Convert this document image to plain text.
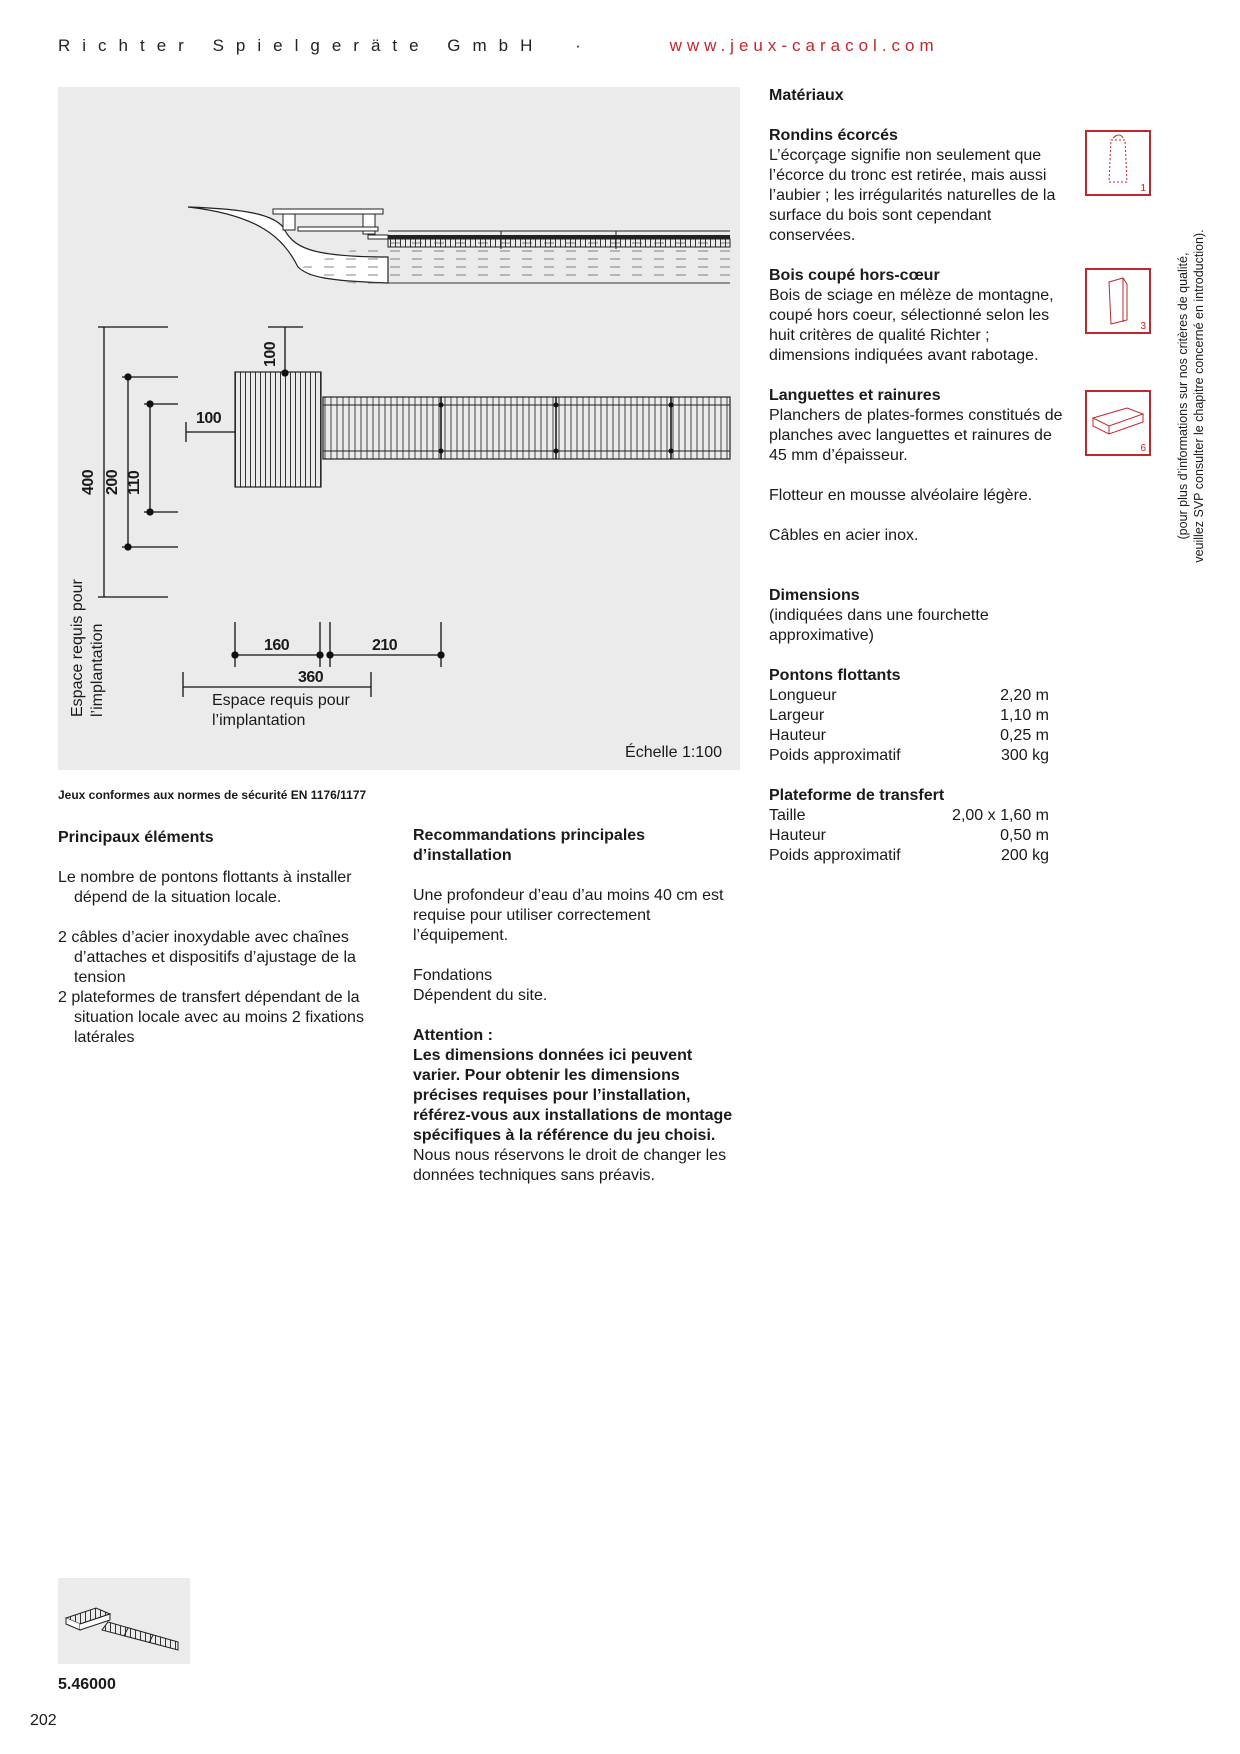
Richter Spielgeräte GmbH ·	www.jeux-caracol.com
400 200 110
100
100
160	210
360
Espace requis pour l’implantation	Espace requis pour
l’implantation
Échelle 1:100
Jeux conformes aux normes de sécurité EN 1176/1177
Principaux éléments

Le nombre de pontons flottants à installer dépend de la situation locale.

2 câbles d’acier inoxydable avec chaînes d’attaches et dispositifs d’ajustage de la tension

2 plateformes de transfert dépendant de la situation locale avec au moins 2 fixations latérales

Recommandations principales d’installation

Une profondeur d’eau d’au moins 40 cm est requise pour utiliser correctement l’équipement.

Fondations

Dépendent du site.

Attention :

Les dimensions données ici peuvent varier. Pour obtenir les dimensions précises requises pour l’installation, référez-vous aux installations de montage spécifiques à la référence du jeu choisi.

Nous nous réservons le droit de changer les données techniques sans préavis.

Matériaux

Rondins écorcés

L’écorçage signifie non seulement que l’écorce du tronc est retirée, mais aussi l’aubier ; les irrégularités naturelles de la surface du bois sont cependant conservées.

Bois coupé hors-cœur

Bois de sciage en mélèze de montagne, coupé hors coeur, sélectionné selon les huit critères de qualité Richter ; dimensions indiquées avant rabotage.

Languettes et rainures

Planchers de plates-formes constitués de planches avec languettes et rainures de 45 mm d’épaisseur.

Flotteur en mousse alvéolaire légère.

Câbles en acier inox.

Dimensions

(indiquées dans une fourchette approximative)

Pontons flottants

Longueur	2,20 m
Largeur	1,10 m
Hauteur	0,25 m
Poids approximatif	300 kg

Plateforme de transfert

Taille	2,00 x 1,60 m
Hauteur	0,50 m
Poids approximatif	200 kg
1
3
6 (pour plus d’informations sur nos critères de qualité, veuillez SVP consulter le chapitre concerné en introduction).
5.46000
202
